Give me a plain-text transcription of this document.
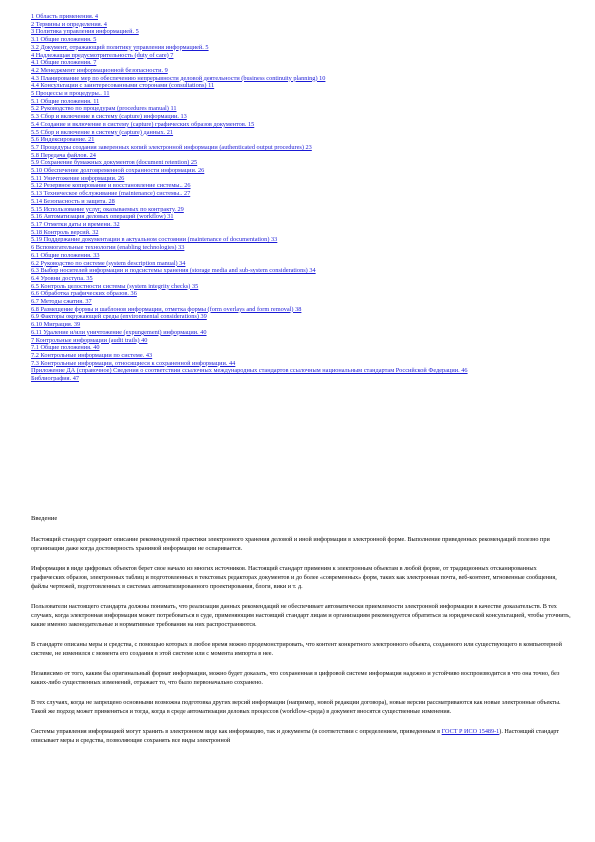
1 Область применения. 4
2 Термины и определения. 4
3 Политика управления информацией. 5
3.1 Общие положения. 5
3.2 Документ, отражающий политику управления информацией. 5
4 Надлежащая предусмотрительность (duty of care) 7
4.1 Общие положения. 7
4.2 Менеджмент информационной безопасности. 9
4.3 Планирование мер по обеспечению непрерывности деловой деятельности (business continuity planning) 10
4.4 Консультации с заинтересованными сторонами (consultations) 11
5 Процессы и процедуры.. 11
5.1 Общие положения. 11
5.2 Руководство по процедурам (procedures manual) 11
5.3 Сбор и включение в систему (capture) информации. 13
5.4 Создание и включение в систему (capture) графических образов документов. 15
5.5 Сбор и включение в систему (capture) данных. 21
5.6 Индексирование. 21
5.7 Процедуры создания заверенных копий электронной информации (authenticated output procedures) 23
5.8 Передача файлов. 24
5.9 Сохранение бумажных документов (document retention) 25
5.10 Обеспечение долговременной сохранности информации. 26
5.11 Уничтожение информации. 26
5.12 Резервное копирование и восстановление системы.. 26
5.13 Техническое обслуживание (maintenance) системы.. 27
5.14 Безопасность и защита. 28
5.15 Использование услуг, оказываемых по контракту. 29
5.16 Автоматизация деловых операций (workflow) 31
5.17 Отметки даты и времени. 32
5.18 Контроль версий. 32
5.19 Поддержание документации в актуальном состоянии (maintenance of documentation) 33
6 Вспомогательные технологии (enabling technologies) 33
6.1 Общие положения. 33
6.2 Руководство по системе (system description manual) 34
6.3 Выбор носителей информации и подсистемы хранения (storage media and sub-system considerations) 34
6.4 Уровни доступа. 35
6.5 Контроль целостности системы (system integrity checks) 35
6.6 Обработка графических образов. 36
6.7 Методы сжатия. 37
6.8 Размещение формы и шаблонов информации, отметка формы (form overlays and form removal) 38
6.9 Факторы окружающей среды (environmental considerations) 39
6.10 Миграция. 39
6.11 Удаление и/или уничтожение (expungement) информации. 40
7 Контрольные информации (audit trails) 40
7.1 Общие положения. 40
7.2 Контрольные информации по системе. 43
7.3 Контрольные информации, относящиеся к сохраненной информации. 44
Приложение ДА (справочное) Сведения о соответствии ссылочных международных стандартов ссылочным национальным стандартам Российской Федерации. 46
Библиография. 47
Введение

Настоящий стандарт содержит описание рекомендуемой практики электронного хранения деловой и иной информации в электронной форме. Выполнение приведенных рекомендаций полезно при организации даже когда достоверность хранимой информации не оспаривается.

Информация в виде цифровых объектов берет свое начало из многих источников. Настоящий стандарт применим к электронным объектам в любой форме, от традиционных отсканированных графических образов, электронных таблиц и подготовленных в текстовых редакторах документов и до более «современных» форм, таких как электронная почта, веб-контент, мгновенные сообщения, файлы чертежей, подготовленных в системах автоматизированного проектирования, блоги, вики и т. д.

Пользователи настоящего стандарта должны понимать, что реализация данных рекомендаций не обеспечивает автоматически приемлемости электронной информации в качестве доказательств. В тех случаях, когда электронная информация может потребоваться в суде, применяющим настоящий стандарт лицам и организациям рекомендуется обратиться за юридической консультацией, чтобы уточнить, какие именно законодательные и нормативные требования на них распространяются.

В стандарте описаны меры и средства, с помощью которых в любое время можно продемонстрировать, что контент конкретного электронного объекта, созданного или существующего в компьютерной системе, не изменился с момента его создания в этой системе или с момента импорта в нее.

Независимо от того, каким бы оригинальный формат информации, можно будет доказать, что сохраненная в цифровой системе информация надежно и устойчиво воспроизводится в что она точно, без каких-либо существенных изменений, отражает то, что было первоначально сохранено.

В тех случаях, когда не запрещено основными возможна подготовка других версий информации (например, новой редакции договора), новые версии рассматриваются как новые электронные объекты. Такой же подход может применяться и тогда, когда в среде автоматизации деловых процессов (workflow-среда) в документ вносятся существенные изменения.

Системы управления информацией могут хранить в электронном виде как информацию, так и документы (в соответствии с определением, приведенным в ГОСТ Р ИСО 15489-1). Настоящий стандарт описывает меры и средства, позволяющие сохранять все виды электронной
